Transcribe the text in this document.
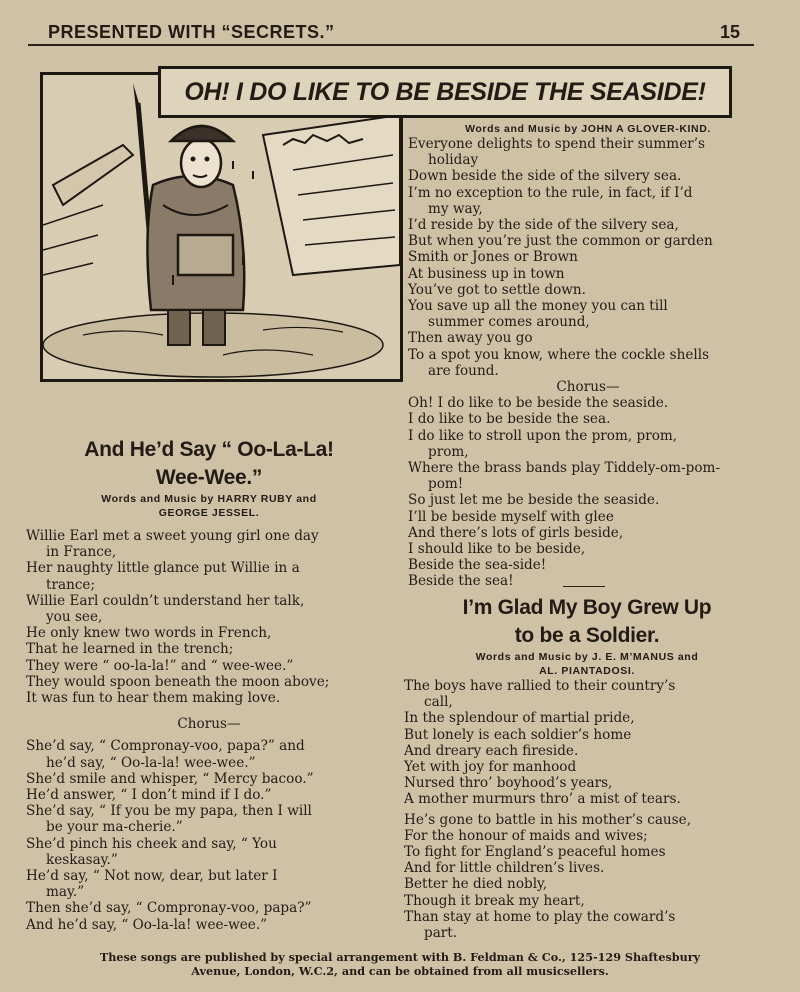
PRESENTED WITH “SECRETS.”	15
OH! I DO LIKE TO BE BESIDE THE SEASIDE!
Words and Music by JOHN A GLOVER-KIND.
Everyone delights to spend their summer’s
holiday
Down beside the side of the silvery sea.
I’m no exception to the rule, in fact, if I’d
my way,
I’d reside by the side of the silvery sea,
But when you’re just the common or garden
Smith or Jones or Brown
At business up in town
You’ve got to settle down.
You save up all the money you can till
summer comes around,
Then away you go
To a spot you know, where the cockle shells
are found.
Chorus—
Oh! I do like to be beside the seaside.
I do like to be beside the sea.
I do like to stroll upon the prom, prom,
prom,
Where the brass bands play Tiddely-om-pom-
pom!
So just let me be beside the seaside.
I’ll be beside myself with glee
And there’s lots of girls beside,
I should like to be beside,
Beside the sea-side!
Beside the sea!
And He’d Say “ Oo-La-La!
Wee-Wee.”
Words and Music by HARRY RUBY and
GEORGE JESSEL.
Willie Earl met a sweet young girl one day
in France,
Her naughty little glance put Willie in a
trance;
Willie Earl couldn’t understand her talk,
you see,
He only knew two words in French,
That he learned in the trench;
They were “ oo-la-la!” and “ wee-wee.”
They would spoon beneath the moon above;
It was fun to hear them making love.
Chorus—
She’d say, “ Compronay-voo, papa?” and
he’d say, “ Oo-la-la! wee-wee.”
She’d smile and whisper, “ Mercy bacoo.”
He’d answer, “ I don’t mind if I do.”
She’d say, “ If you be my papa, then I will
be your ma-cherie.”
She’d pinch his cheek and say, “ You
keskasay.”
He’d say, “ Not now, dear, but later I
may.”
Then she’d say, “ Compronay-voo, papa?”
And he’d say, “ Oo-la-la! wee-wee.”
I’m Glad My Boy Grew Up
to be a Soldier.
Words and Music by J. E. M’MANUS and
AL. PIANTADOSI.
The boys have rallied to their country’s
call,
In the splendour of martial pride,
But lonely is each soldier’s home
And dreary each fireside.
Yet with joy for manhood
Nursed thro’ boyhood’s years,
A mother murmurs thro’ a mist of tears.
He’s gone to battle in his mother’s cause,
For the honour of maids and wives;
To fight for England’s peaceful homes
And for little children’s lives.
Better he died nobly,
Though it break my heart,
Than stay at home to play the coward’s
part.
These songs are published by special arrangement with B. Feldman & Co., 125-129 Shaftesbury
Avenue, London, W.C.2, and can be obtained from all musicsellers.
